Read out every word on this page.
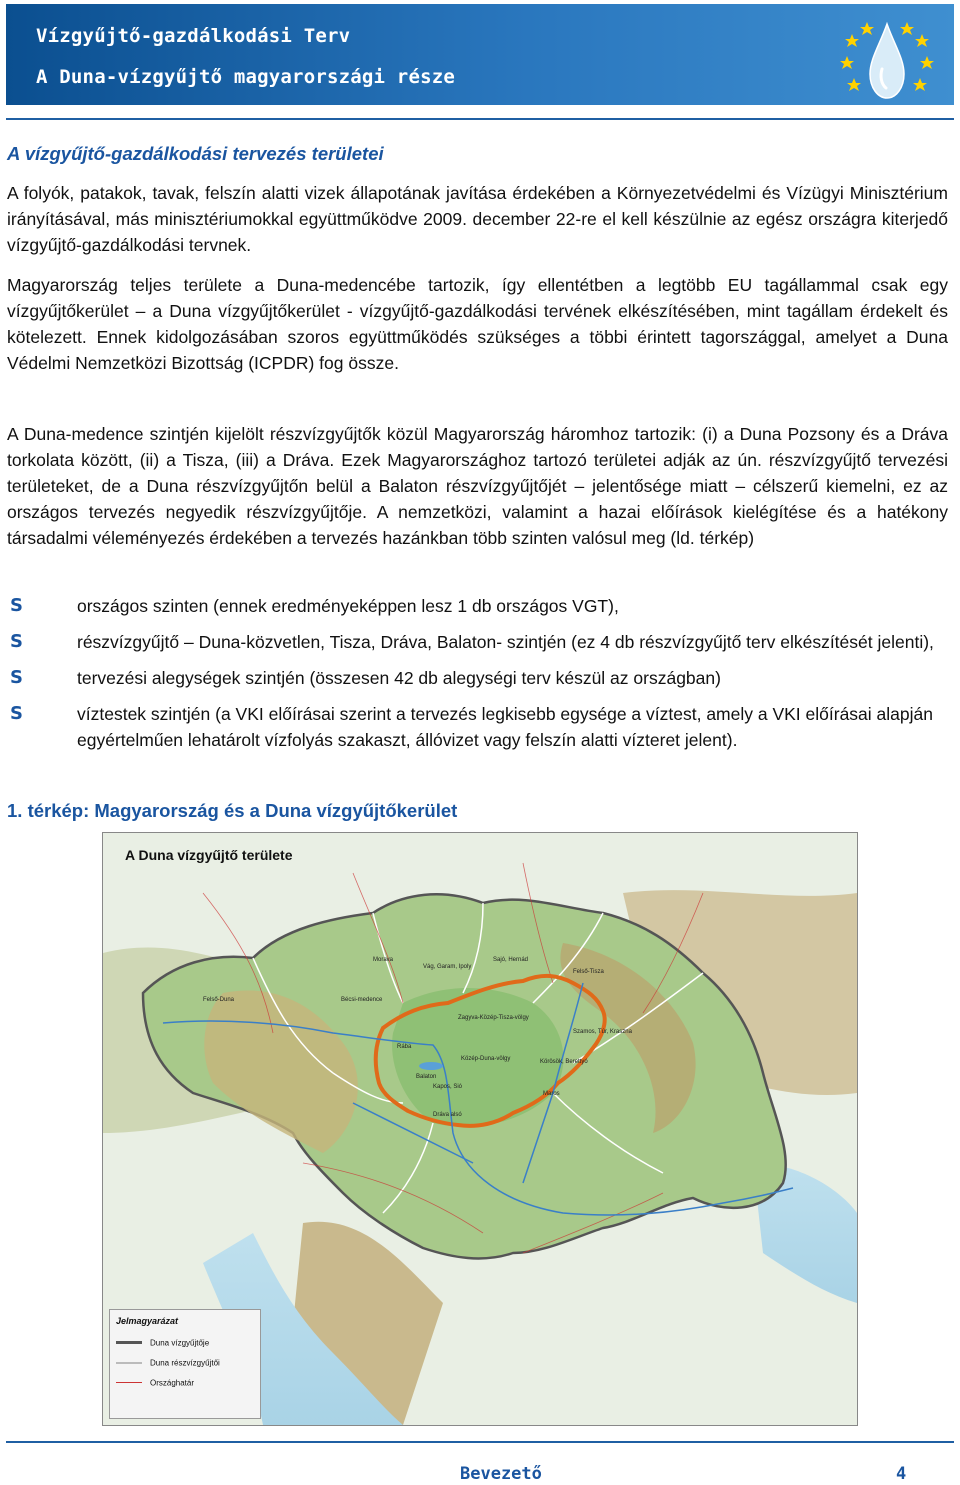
Vízgyűjtő-gazdálkodási Terv
A Duna-vízgyűjtő magyarországi része
A vízgyűjtő-gazdálkodási tervezés területei

A folyók, patakok, tavak, felszín alatti vizek állapotának javítása érdekében a Környezetvédelmi és Vízügyi Minisztérium irányításával, más minisztériumokkal együttműködve 2009. december 22-re el kell készülnie az egész országra kiterjedő vízgyűjtő-gazdálkodási tervnek.

Magyarország teljes területe a Duna-medencébe tartozik, így ellentétben a legtöbb EU tagállammal csak egy vízgyűjtőkerület – a Duna vízgyűjtőkerület - vízgyűjtő-gazdálkodási tervének elkészítésében, mint tagállam érdekelt és kötelezett. Ennek kidolgozásában szoros együttműködés szükséges a többi érintett tagországgal, amelyet a Duna Védelmi Nemzetközi Bizottság (ICPDR) fog össze.

A Duna-medence szintjén kijelölt részvízgyűjtők közül Magyarország háromhoz tartozik: (i) a Duna Pozsony és a Dráva torkolata között, (ii) a Tisza, (iii) a Dráva. Ezek Magyarországhoz tartozó területei adják az ún. részvízgyűjtő tervezési területeket, de a Duna részvízgyűjtőn belül a Balaton részvízgyűjtőjét – jelentősége miatt – célszerű kiemelni, ez az országos tervezés negyedik részvízgyűjtője. A nemzetközi, valamint a hazai előírások kielégítése és a hatékony társadalmi véleményezés érdekében a tervezés hazánkban több szinten valósul meg (ld. térkép)

S	országos szinten (ennek eredményeképpen lesz 1 db országos VGT),
S	részvízgyűjtő – Duna-közvetlen, Tisza, Dráva, Balaton- szintjén (ez 4 db részvízgyűjtő terv elkészítését jelenti),
S	tervezési alegységek szintjén (összesen 42 db alegységi terv készül az országban)
S	víztestek szintjén (a VKI előírásai szerint a tervezés legkisebb egysége a víztest, amely a VKI előírásai alapján egyértelműen lehatárolt vízfolyás szakaszt, állóvizet vagy felszín alatti vízteret jelent).
1. térkép: Magyarország és a Duna vízgyűjtőkerület
Morava
Vág, Garam, Ipoly
Sajó, Hernád
Felső-Tisza
Felső-Duna	Bécsi-medence
Zagyva-Közép-Tisza-völgy
Rába
Szamos, Túr, Kraszna
Körösök, Berettyó
Közép-Duna-völgy
Balaton
Kapos, Sió
Maros
Dráva alsó
A Duna vízgyűjtő területe
Jelmagyarázat
Duna vízgyűjtője
Duna részvízgyűjtői
Országhatár
Bevezető	4
